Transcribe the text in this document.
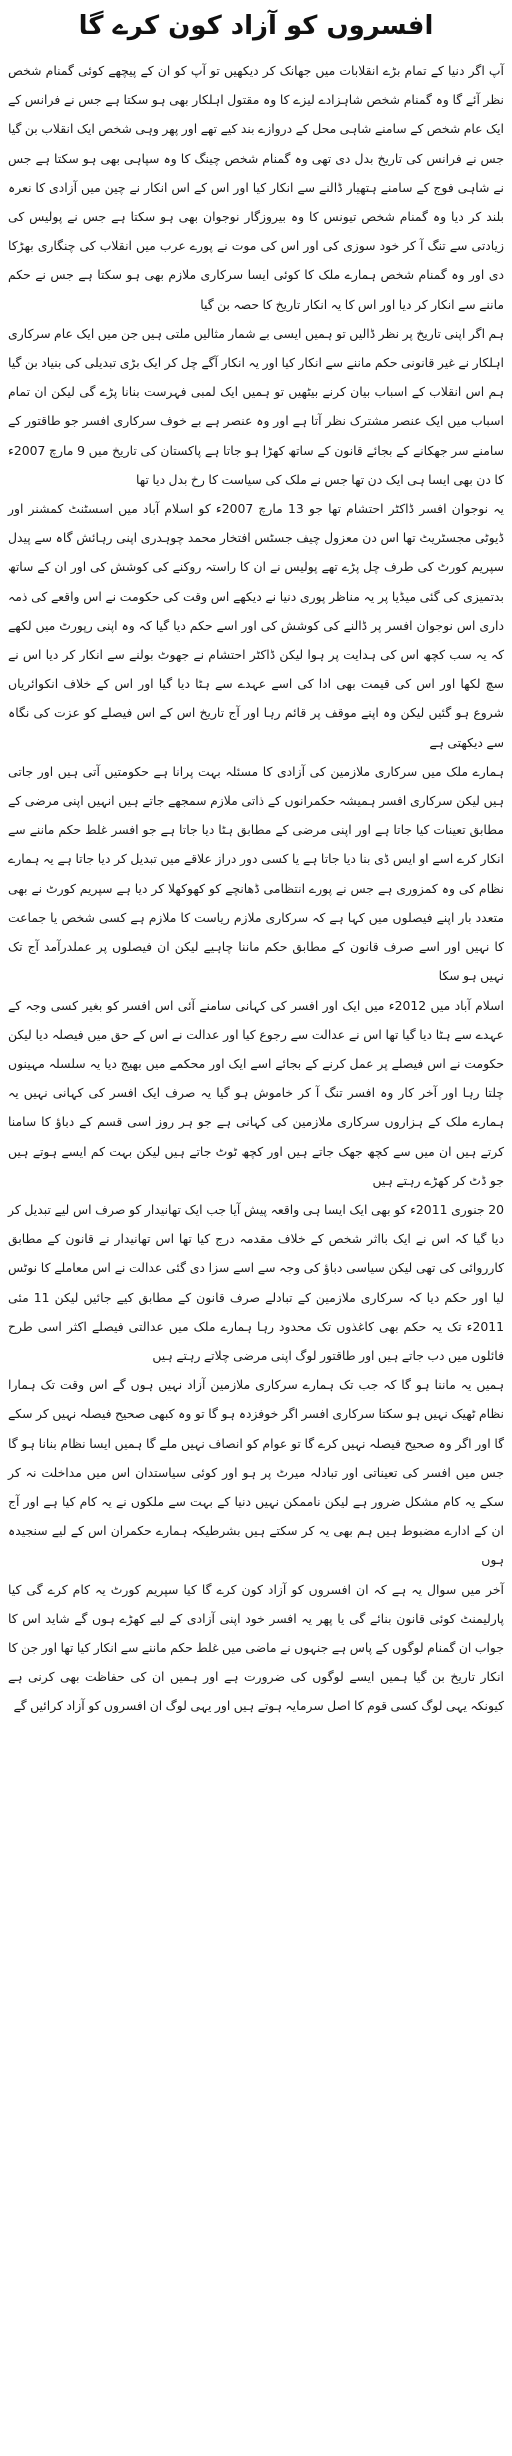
افسروں کو آزاد کون کرے گا

آپ اگر دنیا کے تمام بڑے انقلابات میں جھانک کر دیکھیں تو آپ کو ان کے پیچھے کوئی گمنام شخص نظر آئے گا وہ گمنام شخص شاہزادے لیزے کا وہ مقتول اہلکار بھی ہو سکتا ہے جس نے فرانس کے ایک عام شخص کے سامنے شاہی محل کے دروازے بند کیے تھے اور پھر وہی شخص ایک انقلاب بن گیا جس نے فرانس کی تاریخ بدل دی تھی وہ گمنام شخص چینگ کا وہ سپاہی بھی ہو سکتا ہے جس نے شاہی فوج کے سامنے ہتھیار ڈالنے سے انکار کیا اور اس کے اس انکار نے چین میں آزادی کا نعرہ بلند کر دیا وہ گمنام شخص تیونس کا وہ بیروزگار نوجوان بھی ہو سکتا ہے جس نے پولیس کی زیادتی سے تنگ آ کر خود سوزی کی اور اس کی موت نے پورے عرب میں انقلاب کی چنگاری بھڑکا دی اور وہ گمنام شخص ہمارے ملک کا کوئی ایسا سرکاری ملازم بھی ہو سکتا ہے جس نے حکم ماننے سے انکار کر دیا اور اس کا یہ انکار تاریخ کا حصہ بن گیا

ہم اگر اپنی تاریخ پر نظر ڈالیں تو ہمیں ایسی بے شمار مثالیں ملتی ہیں جن میں ایک عام سرکاری اہلکار نے غیر قانونی حکم ماننے سے انکار کیا اور یہ انکار آگے چل کر ایک بڑی تبدیلی کی بنیاد بن گیا ہم اس انقلاب کے اسباب بیان کرنے بیٹھیں تو ہمیں ایک لمبی فہرست بنانا پڑے گی لیکن ان تمام اسباب میں ایک عنصر مشترک نظر آتا ہے اور وہ عنصر ہے بے خوف سرکاری افسر جو طاقتور کے سامنے سر جھکانے کے بجائے قانون کے ساتھ کھڑا ہو جاتا ہے پاکستان کی تاریخ میں 9 مارچ 2007ء کا دن بھی ایسا ہی ایک دن تھا جس نے ملک کی سیاست کا رخ بدل دیا تھا

یہ نوجوان افسر ڈاکٹر احتشام تھا جو 13 مارچ 2007ء کو اسلام آباد میں اسسٹنٹ کمشنر اور ڈیوٹی مجسٹریٹ تھا اس دن معزول چیف جسٹس افتخار محمد چوہدری اپنی رہائش گاہ سے پیدل سپریم کورٹ کی طرف چل پڑے تھے پولیس نے ان کا راستہ روکنے کی کوشش کی اور ان کے ساتھ بدتمیزی کی گئی میڈیا پر یہ مناظر پوری دنیا نے دیکھے اس وقت کی حکومت نے اس واقعے کی ذمہ داری اس نوجوان افسر پر ڈالنے کی کوشش کی اور اسے حکم دیا گیا کہ وہ اپنی رپورٹ میں لکھے کہ یہ سب کچھ اس کی ہدایت پر ہوا لیکن ڈاکٹر احتشام نے جھوٹ بولنے سے انکار کر دیا اس نے سچ لکھا اور اس کی قیمت بھی ادا کی اسے عہدے سے ہٹا دیا گیا اور اس کے خلاف انکوائریاں شروع ہو گئیں لیکن وہ اپنے موقف پر قائم رہا اور آج تاریخ اس کے اس فیصلے کو عزت کی نگاہ سے دیکھتی ہے

ہمارے ملک میں سرکاری ملازمین کی آزادی کا مسئلہ بہت پرانا ہے حکومتیں آتی ہیں اور جاتی ہیں لیکن سرکاری افسر ہمیشہ حکمرانوں کے ذاتی ملازم سمجھے جاتے ہیں انہیں اپنی مرضی کے مطابق تعینات کیا جاتا ہے اور اپنی مرضی کے مطابق ہٹا دیا جاتا ہے جو افسر غلط حکم ماننے سے انکار کرے اسے او ایس ڈی بنا دیا جاتا ہے یا کسی دور دراز علاقے میں تبدیل کر دیا جاتا ہے یہ ہمارے نظام کی وہ کمزوری ہے جس نے پورے انتظامی ڈھانچے کو کھوکھلا کر دیا ہے سپریم کورٹ نے بھی متعدد بار اپنے فیصلوں میں کہا ہے کہ سرکاری ملازم ریاست کا ملازم ہے کسی شخص یا جماعت کا نہیں اور اسے صرف قانون کے مطابق حکم ماننا چاہیے لیکن ان فیصلوں پر عملدرآمد آج تک نہیں ہو سکا

اسلام آباد میں 2012ء میں ایک اور افسر کی کہانی سامنے آئی اس افسر کو بغیر کسی وجہ کے عہدے سے ہٹا دیا گیا تھا اس نے عدالت سے رجوع کیا اور عدالت نے اس کے حق میں فیصلہ دیا لیکن حکومت نے اس فیصلے پر عمل کرنے کے بجائے اسے ایک اور محکمے میں بھیج دیا یہ سلسلہ مہینوں چلتا رہا اور آخر کار وہ افسر تنگ آ کر خاموش ہو گیا یہ صرف ایک افسر کی کہانی نہیں یہ ہمارے ملک کے ہزاروں سرکاری ملازمین کی کہانی ہے جو ہر روز اسی قسم کے دباؤ کا سامنا کرتے ہیں ان میں سے کچھ جھک جاتے ہیں اور کچھ ٹوٹ جاتے ہیں لیکن بہت کم ایسے ہوتے ہیں جو ڈٹ کر کھڑے رہتے ہیں

20 جنوری 2011ء کو بھی ایک ایسا ہی واقعہ پیش آیا جب ایک تھانیدار کو صرف اس لیے تبدیل کر دیا گیا کہ اس نے ایک بااثر شخص کے خلاف مقدمہ درج کیا تھا اس تھانیدار نے قانون کے مطابق کارروائی کی تھی لیکن سیاسی دباؤ کی وجہ سے اسے سزا دی گئی عدالت نے اس معاملے کا نوٹس لیا اور حکم دیا کہ سرکاری ملازمین کے تبادلے صرف قانون کے مطابق کیے جائیں لیکن 11 مئی 2011ء تک یہ حکم بھی کاغذوں تک محدود رہا ہمارے ملک میں عدالتی فیصلے اکثر اسی طرح فائلوں میں دب جاتے ہیں اور طاقتور لوگ اپنی مرضی چلاتے رہتے ہیں

ہمیں یہ ماننا ہو گا کہ جب تک ہمارے سرکاری ملازمین آزاد نہیں ہوں گے اس وقت تک ہمارا نظام ٹھیک نہیں ہو سکتا سرکاری افسر اگر خوفزدہ ہو گا تو وہ کبھی صحیح فیصلہ نہیں کر سکے گا اور اگر وہ صحیح فیصلہ نہیں کرے گا تو عوام کو انصاف نہیں ملے گا ہمیں ایسا نظام بنانا ہو گا جس میں افسر کی تعیناتی اور تبادلہ میرٹ پر ہو اور کوئی سیاستدان اس میں مداخلت نہ کر سکے یہ کام مشکل ضرور ہے لیکن ناممکن نہیں دنیا کے بہت سے ملکوں نے یہ کام کیا ہے اور آج ان کے ادارے مضبوط ہیں ہم بھی یہ کر سکتے ہیں بشرطیکہ ہمارے حکمران اس کے لیے سنجیدہ ہوں

آخر میں سوال یہ ہے کہ ان افسروں کو آزاد کون کرے گا کیا سپریم کورٹ یہ کام کرے گی کیا پارلیمنٹ کوئی قانون بنائے گی یا پھر یہ افسر خود اپنی آزادی کے لیے کھڑے ہوں گے شاید اس کا جواب ان گمنام لوگوں کے پاس ہے جنہوں نے ماضی میں غلط حکم ماننے سے انکار کیا تھا اور جن کا انکار تاریخ بن گیا ہمیں ایسے لوگوں کی ضرورت ہے اور ہمیں ان کی حفاظت بھی کرنی ہے کیونکہ یہی لوگ کسی قوم کا اصل سرمایہ ہوتے ہیں اور یہی لوگ ان افسروں کو آزاد کرائیں گے
